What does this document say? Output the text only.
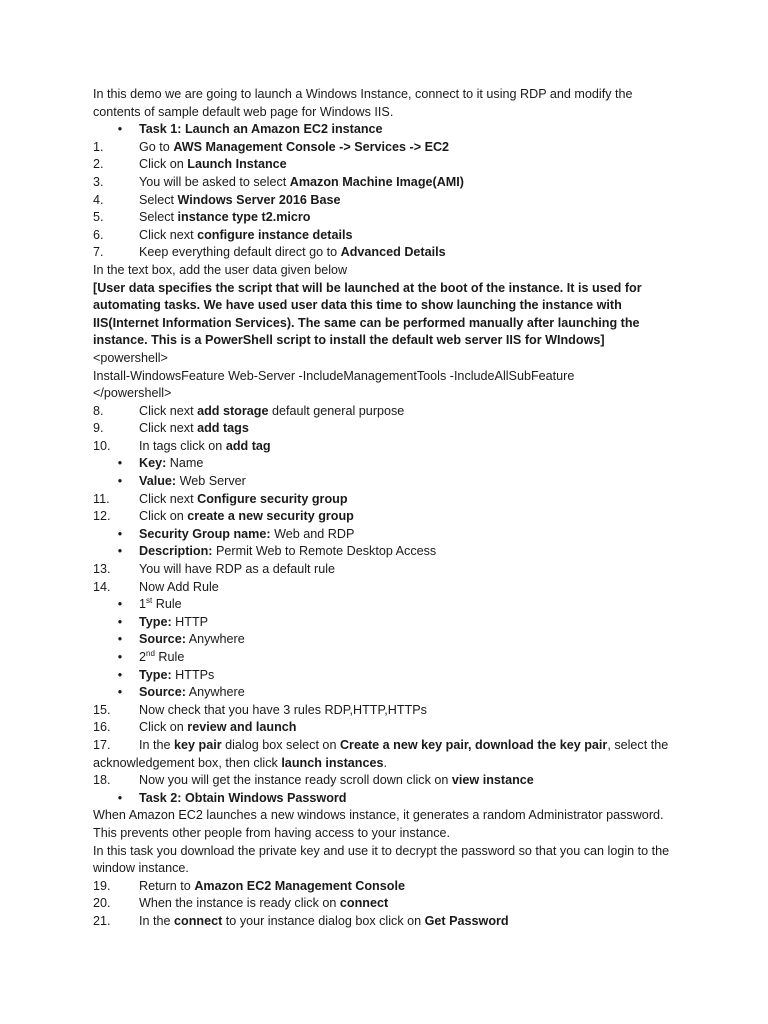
In this demo we are going to launch a Windows Instance, connect to it using RDP and modify the contents of sample default web page for Windows IIS.

• Task 1: Launch an Amazon EC2 instance
1.	Go to AWS Management Console -> Services -> EC2
2.	Click on Launch Instance
3.	You will be asked to select Amazon Machine Image(AMI)
4.	Select Windows Server 2016 Base
5.	Select instance type t2.micro
6.	Click next configure instance details
7.	Keep everything default direct go to Advanced Details

In the text box, add the user data given below

[User data specifies the script that will be launched at the boot of the instance. It is used for automating tasks. We have used user data this time to show launching the instance with IIS(Internet Information Services). The same can be performed manually after launching the instance. This is a PowerShell script to install the default web server IIS for WIndows]

<powershell>

Install-WindowsFeature Web-Server -IncludeManagementTools -IncludeAllSubFeature

</powershell>

8.	Click next add storage default general purpose
9.	Click next add tags
10.	In tags click on add tag
• Key: Name
• Value: Web Server
11.	Click next Configure security group
12.	Click on create a new security group
• Security Group name: Web and RDP
• Description: Permit Web to Remote Desktop Access
13.	You will have RDP as a default rule
14.	Now Add Rule
• 1st Rule
• Type: HTTP
• Source: Anywhere
• 2nd Rule
• Type: HTTPs
• Source: Anywhere
15.	Now check that you have 3 rules RDP,HTTP,HTTPs
16.	Click on review and launch
17.	In the key pair dialog box select on Create a new key pair, download the key pair, select the

acknowledgement box, then click launch instances.

18.	Now you will get the instance ready scroll down click on view instance
• Task 2: Obtain Windows Password

When Amazon EC2 launches a new windows instance, it generates a random Administrator password. This prevents other people from having access to your instance.

In this task you download the private key and use it to decrypt the password so that you can login to the window instance.

19.	Return to Amazon EC2 Management Console
20.	When the instance is ready click on connect
21.	In the connect to your instance dialog box click on Get Password
